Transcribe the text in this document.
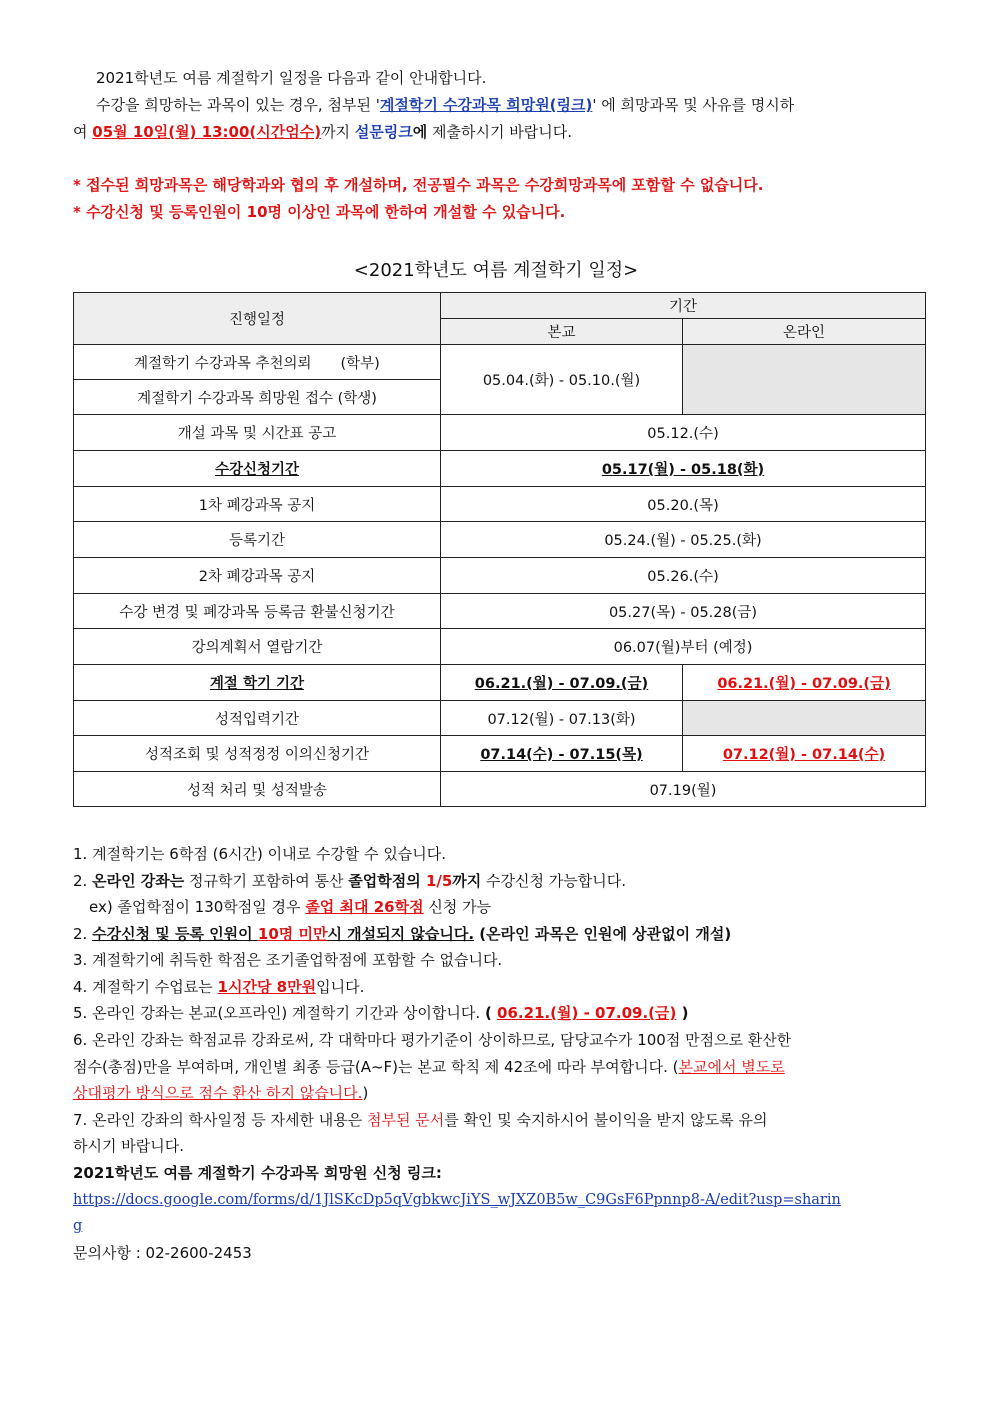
2021학년도 여름 계절학기 일정을 다음과 같이 안내합니다.
수강을 희망하는 과목이 있는 경우, 첨부된 '계절학기 수강과목 희망원(링크)' 에 희망과목 및 사유를 명시하
여 05월 10일(월) 13:00(시간엄수)까지 설문링크에 제출하시기 바랍니다.
* 접수된 희망과목은 해당학과와 협의 후 개설하며, 전공필수 과목은 수강희망과목에 포함할 수 없습니다.
* 수강신청 및 등록인원이 10명 이상인 과목에 한하여 개설할 수 있습니다.
<2021학년도 여름 계절학기 일정>
진행일정	기간	
	본교	온라인
계절학기 수강과목 추천의뢰　　(학부)	05.04.(화) - 05.10.(월)	
계절학기 수강과목 희망원 접수 (학생)		
개설 과목 및 시간표 공고	05.12.(수)	
수강신청기간	05.17(월) - 05.18(화)	
1차 폐강과목 공지	05.20.(목)	
등록기간	05.24.(월) - 05.25.(화)	
2차 폐강과목 공지	05.26.(수)	
수강 변경 및 폐강과목 등록금 환불신청기간	05.27(목) - 05.28(금)	
강의계획서 열람기간	06.07(월)부터 (예정)	
계절 학기 기간	06.21.(월) - 07.09.(금)	06.21.(월) - 07.09.(금)
성적입력기간	07.12(월) - 07.13(화)	
성적조회 및 성적정정 이의신청기간	07.14(수) - 07.15(목)	07.12(월) - 07.14(수)
성적 처리 및 성적발송	07.19(월)	
1. 계절학기는 6학점 (6시간) 이내로 수강할 수 있습니다.
2. 온라인 강좌는 정규학기 포함하여 통산 졸업학점의 1/5까지 수강신청 가능합니다.
ex) 졸업학점이 130학점일 경우 졸업 최대 26학점 신청 가능
2. 수강신청 및 등록 인원이 10명 미만시 개설되지 않습니다. (온라인 과목은 인원에 상관없이 개설)
3. 계절학기에 취득한 학점은 조기졸업학점에 포함할 수 없습니다.
4. 계절학기 수업료는 1시간당 8만원입니다.
5. 온라인 강좌는 본교(오프라인) 계절학기 기간과 상이합니다. ( 06.21.(월) - 07.09.(금) )
6. 온라인 강좌는 학점교류 강좌로써, 각 대학마다 평가기준이 상이하므로, 담당교수가 100점 만점으로 환산한
점수(총점)만을 부여하며, 개인별 최종 등급(A~F)는 본교 학칙 제 42조에 따라 부여합니다. (본교에서 별도로
상대평가 방식으로 점수 환산 하지 않습니다.)
7. 온라인 강좌의 학사일정 등 자세한 내용은 첨부된 문서를 확인 및 숙지하시어 불이익을 받지 않도록 유의
하시기 바랍니다.
2021학년도 여름 계절학기 수강과목 희망원 신청 링크:
https://docs.google.com/forms/d/1JlSKcDp5qVgbkwcJiYS_wJXZ0B5w_C9GsF6Ppnnp8-A/edit?usp=sharin
g
문의사항 : 02-2600-2453
